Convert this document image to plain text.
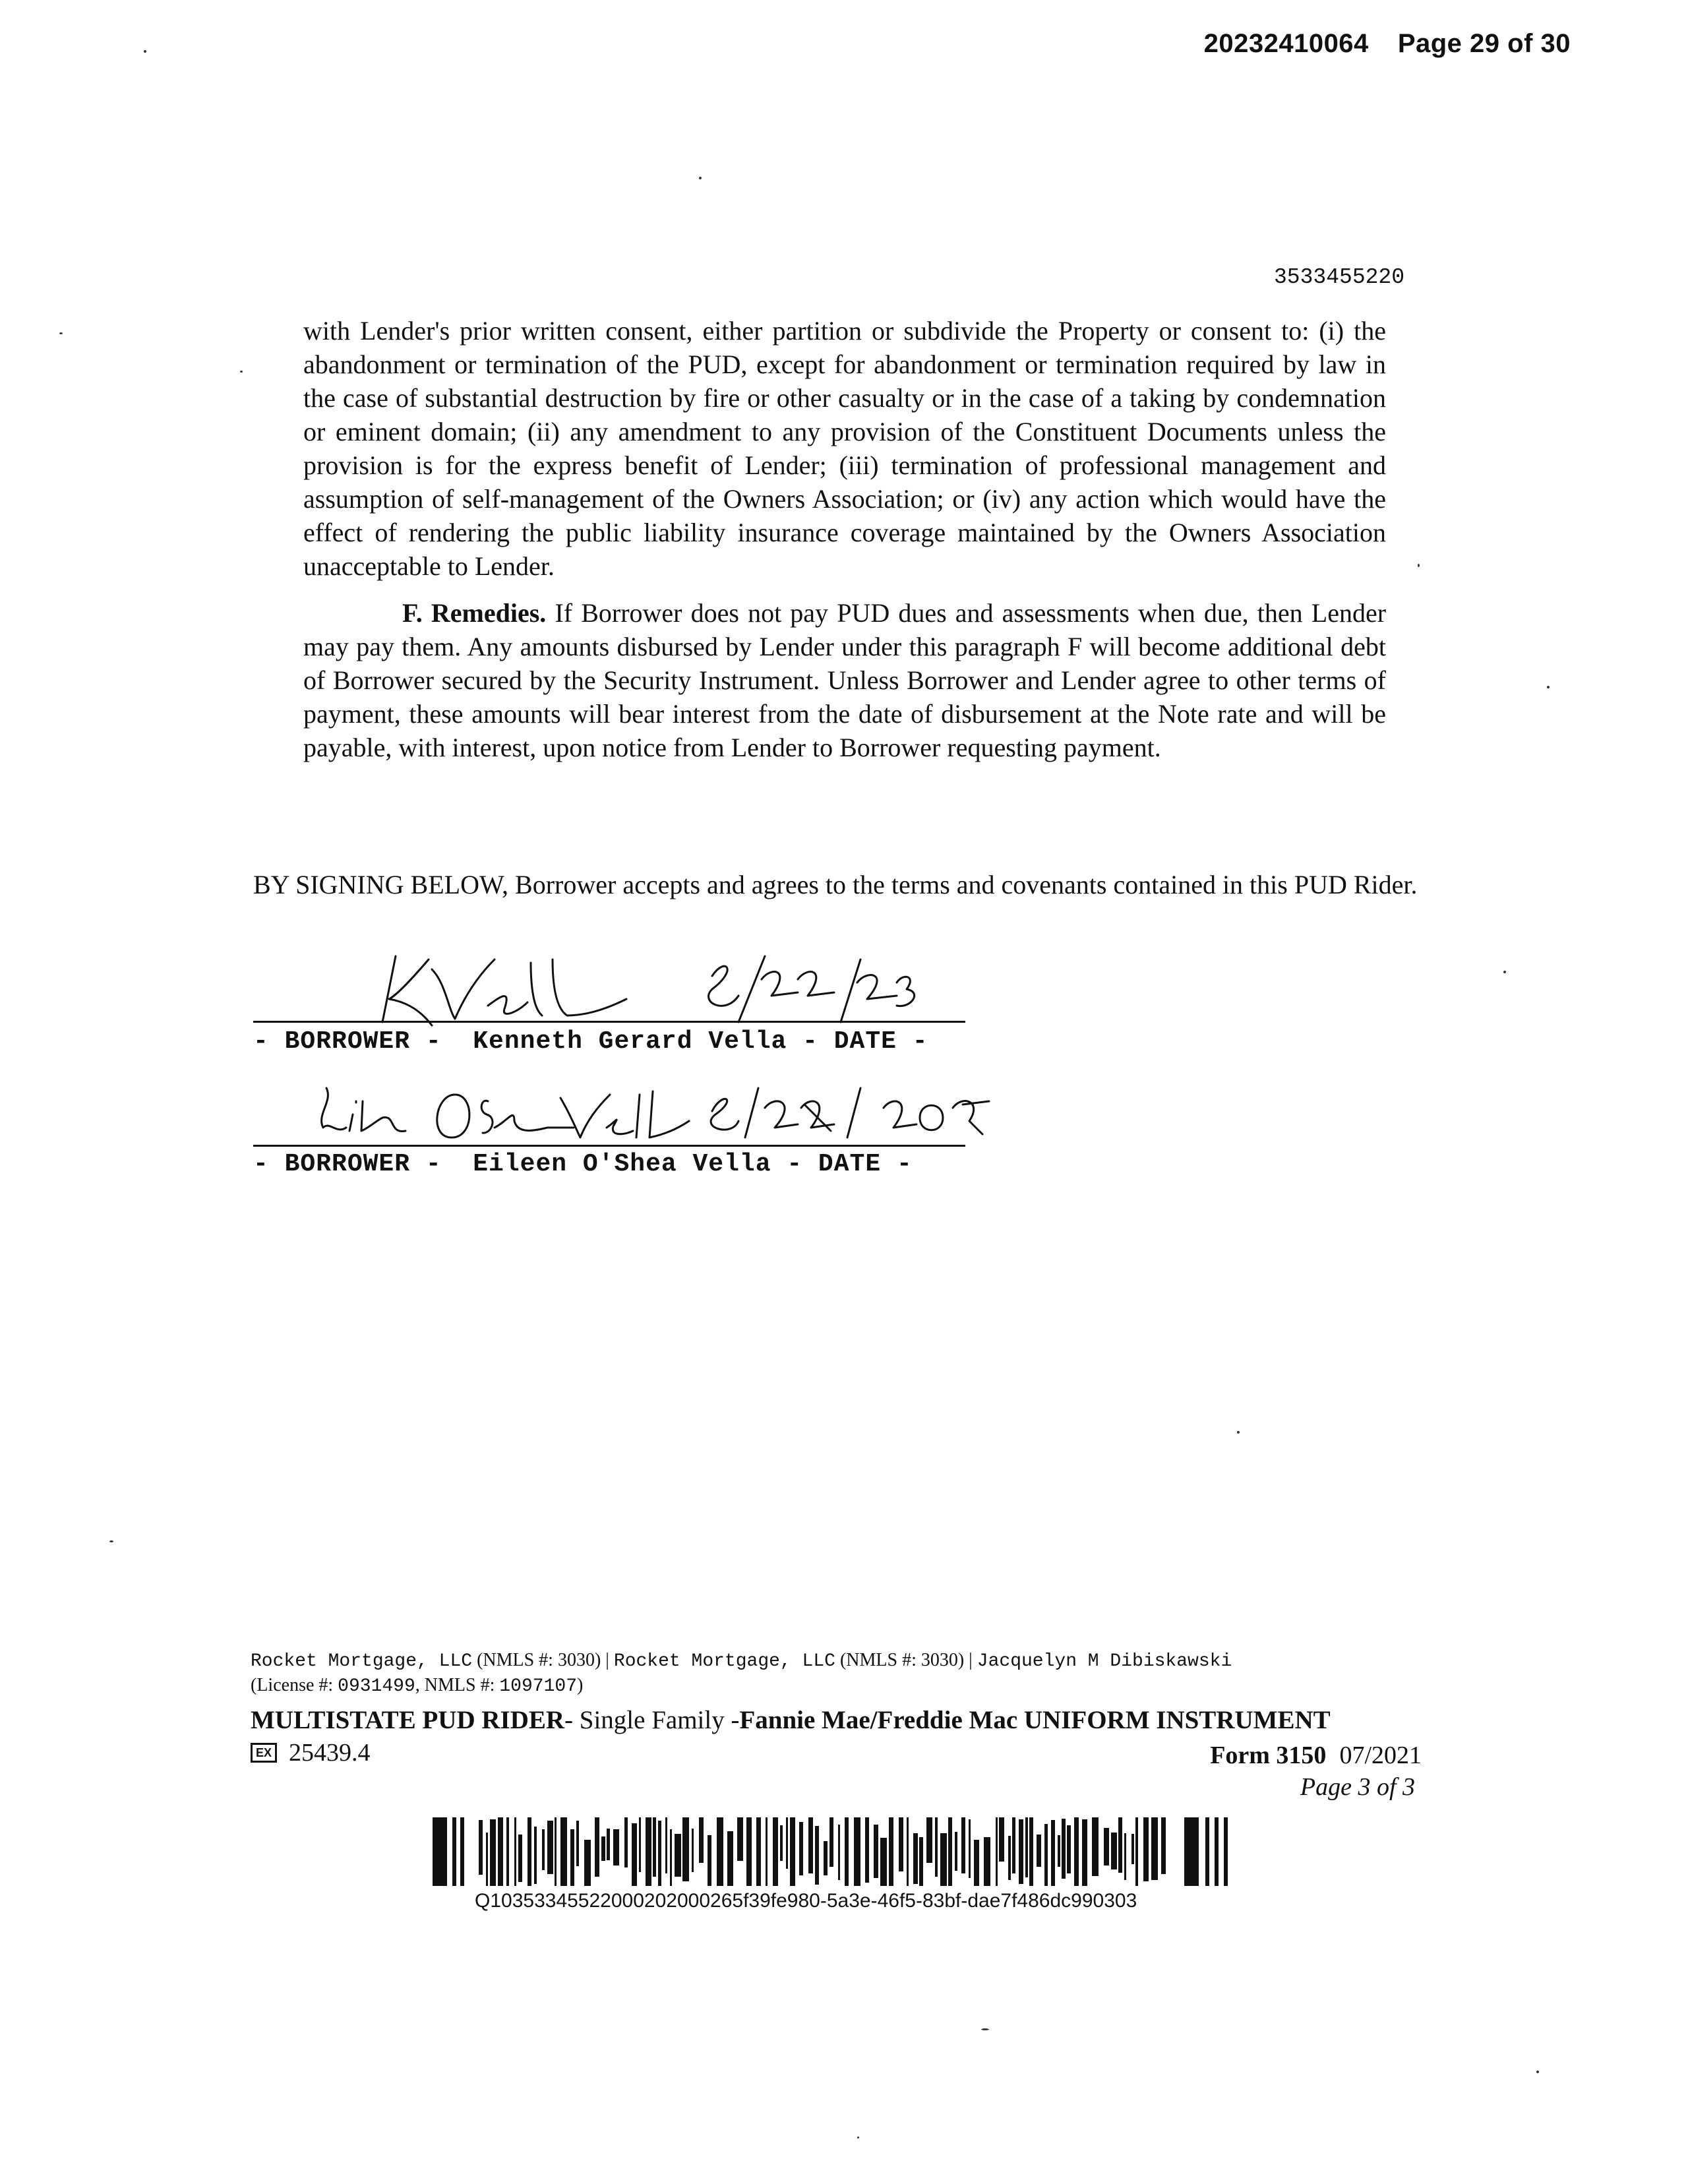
20232410064 Page 29 of 30
3533455220

with Lender's prior written consent, either partition or subdivide the Property or consent to: (i) the abandonment or termination of the PUD, except for abandonment or termination required by law in the case of substantial destruction by fire or other casualty or in the case of a taking by condemnation or eminent domain; (ii) any amendment to any provision of the Constituent Documents unless the provision is for the express benefit of Lender; (iii) termination of professional management and assumption of self-management of the Owners Association; or (iv) any action which would have the effect of rendering the public liability insurance coverage maintained by the Owners Association unacceptable to Lender.

F. Remedies. If Borrower does not pay PUD dues and assessments when due, then Lender may pay them. Any amounts disbursed by Lender under this paragraph F will become additional debt of Borrower secured by the Security Instrument. Unless Borrower and Lender agree to other terms of payment, these amounts will bear interest from the date of disbursement at the Note rate and will be payable, with interest, upon notice from Lender to Borrower requesting payment.

BY SIGNING BELOW, Borrower accepts and agrees to the terms and covenants contained in this PUD Rider.
- BORROWER -  Kenneth Gerard Vella - DATE -
- BORROWER -  Eileen O'Shea Vella - DATE -
Rocket Mortgage, LLC (NMLS #: 3030) | Rocket Mortgage, LLC (NMLS #: 3030) | Jacquelyn M Dibiskawski
(License #: 0931499, NMLS #: 1097107)
MULTISTATE PUD RIDER- Single Family -Fannie Mae/Freddie Mac UNIFORM INSTRUMENT
EX 25439.4	Form 3150 07/2021
Page 3 of 3
Q10353345522000202000265f39fe980-5a3e-46f5-83bf-dae7f486dc990303
